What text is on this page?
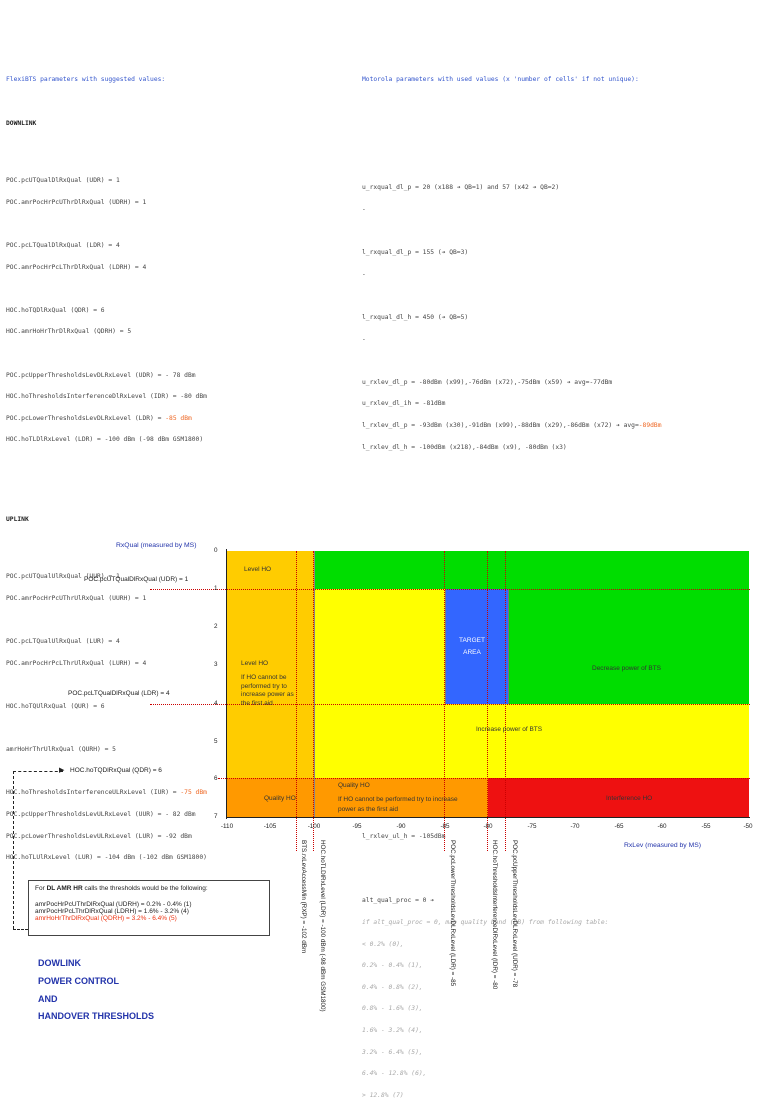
FlexiBTS parameters with suggested values:

DOWNLINK

POC.pcUTQualDlRxQual (UDR) = 1

POC.amrPocHrPcUThrDlRxQual (UDRH) = 1

POC.pcLTQualDlRxQual (LDR) = 4

POC.amrPocHrPcLThrDlRxQual (LDRH) = 4

HOC.hoTQDlRxQual (QDR) = 6

HOC.amrHoHrThrDlRxQual (QDRH) = 5

POC.pcUpperThresholdsLevDLRxLevel (UDR) = - 78 dBm

HOC.hoThresholdsInterferenceDlRxLevel (IDR) = -80 dBm

POC.pcLowerThresholdsLevDLRxLevel (LDR) = -85 dBm

HOC.hoTLDlRxLevel (LDR) = -100 dBm (-98 dBm GSM1800)

UPLINK

POC.pcUTQualUlRxQual (UUR) = 1

POC.amrPocHrPcUThrUlRxQual (UURH) = 1

POC.pcLTQualUlRxQual (LUR) = 4

POC.amrPocHrPcLThrUlRxQual (LURH) = 4

HOC.hoTQUlRxQual (QUR) = 6

amrHoHrThrUlRxQual (QURH) = 5

HOC.hoThresholdsInterferenceULRxLevel (IUR) = -75 dBm

POC.pcUpperThresholdsLevULRxLevel (UUR) = - 82 dBm

POC.pcLowerThresholdsLevULRxLevel (LUR) = -92 dBm

HOC.hoTLUlRxLevel (LUR) = -104 dBm (-102 dBm GSM1800)

Motorola parameters with used values (x 'number of cells' if not unique):

u_rxqual_dl_p = 20 (x188 ➔ QB=1) and 57 (x42 ➔ QB=2)

-

l_rxqual_dl_p = 155 (➔ QB=3)

-

l_rxqual_dl_h = 450 (➔ QB=5)

-

u_rxlev_dl_p = -80dBm (x99),-76dBm (x72),-75dBm (x59) ➔ avg=-77dBm

u_rxlev_dl_ih = -81dBm

l_rxlev_dl_p = -93dBm (x30),-91dBm (x99),-88dBm (x29),-86dBm (x72) ➔ avg=-89dBm

l_rxlev_dl_h = -100dBm (x218),-84dBm (x9), -80dBm (x3)

l_rxlev_ul_h = -105dBm

alt_qual_proc = 0 ➔

if alt_qual_proc = 0, map quality band (QB) from following table:

< 0.2% (0),

0.2% - 0.4% (1),

0.4% - 0.8% (2),

0.8% - 1.6% (3),

1.6% - 3.2% (4),

3.2% - 6.4% (5),

6.4% - 12.8% (6),

> 12.8% (7)

RxQual (measured by MS)
0
1
2
3
4
5
6
7
-110	-105	-100	-95	-90	-85	-80	-75	-70	-65	-60	-55	-50
RxLev (measured by MS)
Level HO
Level HO
If HO cannot be
performed try to
increase power as
the first aid
TARGET
AREA
Decrease power of BTS
Increase power of BTS
Quality HO
Quality HO
If HO cannot be performed try to increase
power as the first aid
Interference HO
POC.pcUTQualDlRxQual (UDR) = 1
POC.pcLTQualDlRxQual (LDR) = 4
HOC.hoTQDlRxQual (QDR) = 6
▶
BTS.rxLevAccessMin (RXP) = -102 dBm HOC.hoTLDlRxLevel (LDR) = -100 dBm (-98 dBm GSM1800)	POC.pcLowerThresholdsLevDLRxLevel (LDR) = -85	HOC.hoThresholdsInterferenceDlRxLevel (IDR) = -80 POC.pcUpperThresholdsLevDLRxLevel (UDR) = -78
For DL AMR HR calls the thresholds would be the following:
amrPocHrPcUThrDlRxQual (UDRH) = 0.2% - 0.4% (1)
amrPocHrPcLThrDlRxQual (LDRH) = 1.6% - 3.2% (4)
amrHoHrThrDlRxQual (QDRH) = 3.2% - 6.4% (5)
DOWLINK
POWER CONTROL
AND
HANDOVER THRESHOLDS
